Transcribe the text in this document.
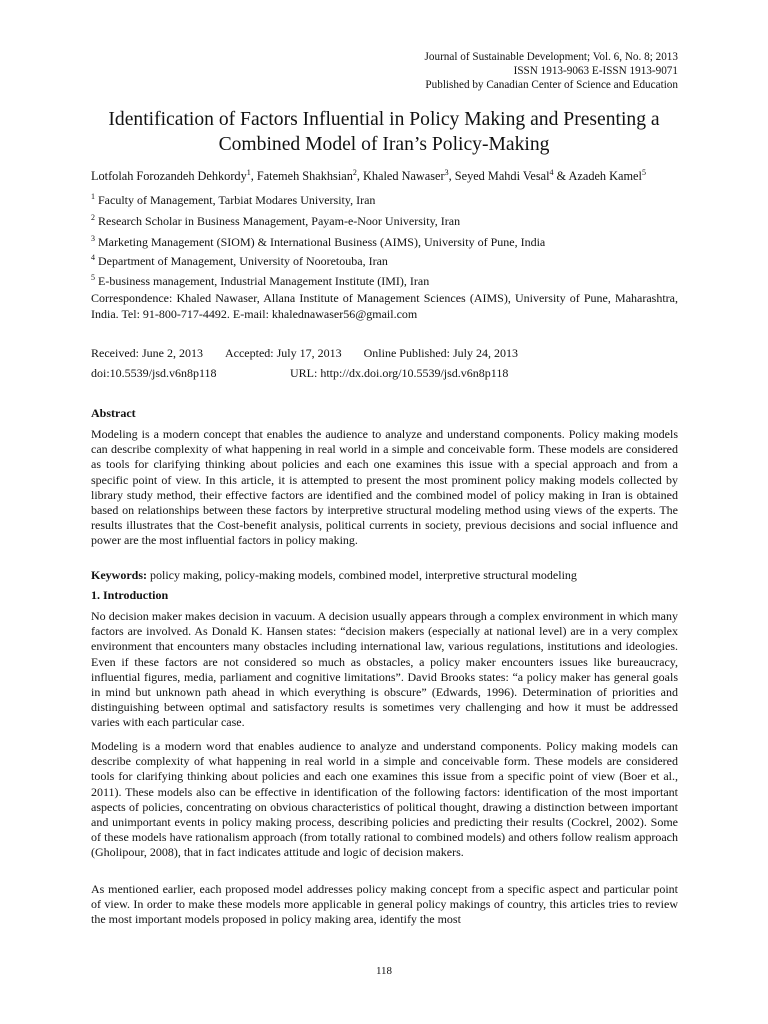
Journal of Sustainable Development; Vol. 6, No. 8; 2013
ISSN 1913-9063 E-ISSN 1913-9071
Published by Canadian Center of Science and Education
Identification of Factors Influential in Policy Making and Presenting a
Combined Model of Iran’s Policy-Making
Lotfolah Forozandeh Dehkordy$^1$, Fatemeh Shakhsian$^2$, Khaled Nawaser$^3$, Seyed Mahdi Vesal$^4$ & Azadeh Kamel$^5$
$^1$ Faculty of Management, Tarbiat Modares University, Iran
$^2$ Research Scholar in Business Management, Payam-e-Noor University, Iran
$^3$ Marketing Management (SIOM) & International Business (AIMS), University of Pune, India
$^4$ Department of Management, University of Nooretouba, Iran
$^5$ E-business management, Industrial Management Institute (IMI), Iran
Correspondence: Khaled Nawaser, Allana Institute of Management Sciences (AIMS), University of Pune, Maharashtra, India. Tel: 91-800-717-4492. E-mail: khalednawaser56@gmail.com
Received: June 2, 2013 Accepted: July 17, 2013 Online Published: July 24, 2013
doi:10.5539/jsd.v6n8p118	URL: http://dx.doi.org/10.5539/jsd.v6n8p118
Abstract
Modeling is a modern concept that enables the audience to analyze and understand components. Policy making models can describe complexity of what happening in real world in a simple and conceivable form. These models are considered as tools for clarifying thinking about policies and each one examines this issue with a special approach and from a specific point of view. In this article, it is attempted to present the most prominent policy making models collected by library study method, their effective factors are identified and the combined model of policy making in Iran is obtained based on relationships between these factors by interpretive structural modeling method using views of the experts. The results illustrates that the Cost-benefit analysis, political currents in society, previous decisions and social influence and power are the most influential factors in policy making.
Keywords: policy making, policy-making models, combined model, interpretive structural modeling
1. Introduction
No decision maker makes decision in vacuum. A decision usually appears through a complex environment in which many factors are involved. As Donald K. Hansen states: “decision makers (especially at national level) are in a very complex environment that encounters many obstacles including international law, various regulations, institutions and ideologies. Even if these factors are not considered so much as obstacles, a policy maker encounters issues like bureaucracy, influential figures, media, parliament and cognitive limitations”. David Brooks states: “a policy maker has general goals in mind but unknown path ahead in which everything is obscure” (Edwards, 1996). Determination of priorities and distinguishing between optimal and satisfactory results is sometimes very challenging and how it must be addressed varies with each particular case.
Modeling is a modern word that enables audience to analyze and understand components. Policy making models can describe complexity of what happening in real world in a simple and conceivable form. These models are considered tools for clarifying thinking about policies and each one examines this issue from a specific point of view (Boer et al., 2011). These models also can be effective in identification of the following factors: identification of the most important aspects of policies, concentrating on obvious characteristics of political thought, drawing a distinction between important and unimportant events in policy making process, describing policies and predicting their results (Cockrel, 2002). Some of these models have rationalism approach (from totally rational to combined models) and others follow realism approach (Gholipour, 2008), that in fact indicates attitude and logic of decision makers.
As mentioned earlier, each proposed model addresses policy making concept from a specific aspect and particular point of view. In order to make these models more applicable in general policy makings of country, this articles tries to review the most important models proposed in policy making area, identify the most
118
